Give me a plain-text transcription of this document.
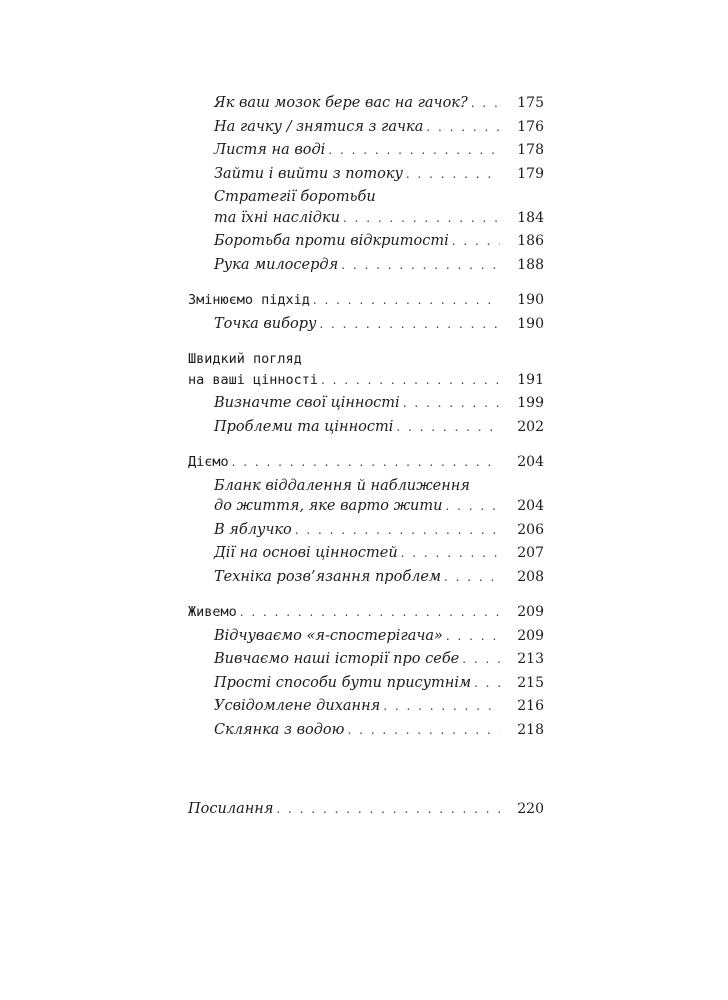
Як ваш мозок бере вас на гачок? . . .	175
На гачку / знятися з гачка . . .	176
Листя на воді . . .	178
Зайти і вийти з потоку . . .	179
Стратегії боротьби
та їхні наслідки . . .	184
Боротьба проти відкритості . . .	186
Рука милосердя . . .	188
Змінюємо підхід . . .	190
Точка вибору . . .	190
Швидкий погляд
на ваші цінності . . .	191
Визначте свої цінності . . .	199
Проблеми та цінності . . .	202
Діємо . . .	204
Бланк віддалення й наближення
до життя, яке варто жити . . .	204
В яблучко . . .	206
Дії на основі цінностей . . .	207
Техніка розв’язання проблем . . .	208
Живемо . . .	209
Відчуваємо «я-спостерігача» . . .	209
Вивчаємо наші історії про себе . . .	213
Прості способи бути присутнім . . .	215
Усвідомлене дихання . . .	216
Склянка з водою . . .	218
Посилання . . .	220
